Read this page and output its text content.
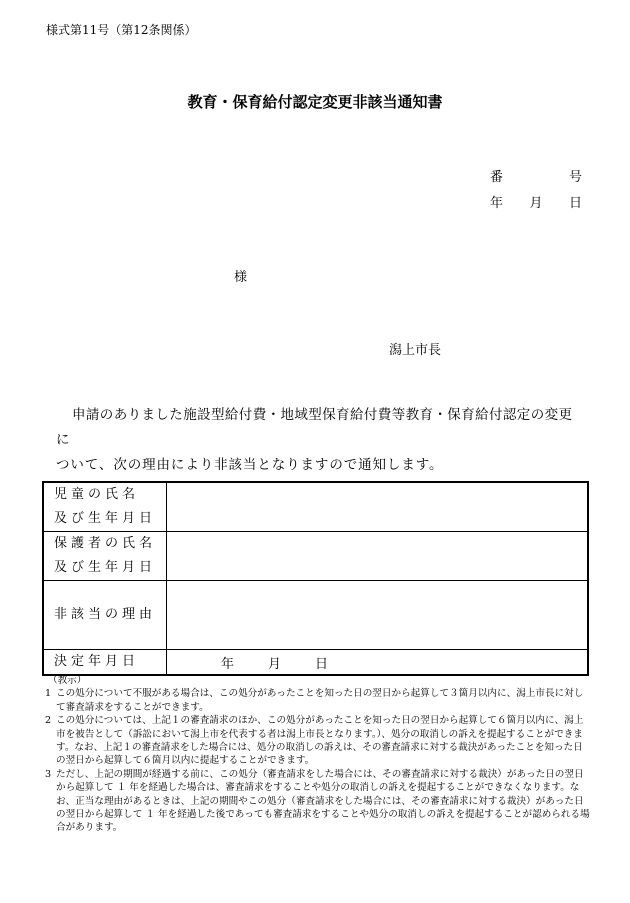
様式第11号（第12条関係）
教育・保育給付認定変更非該当通知書
番	号
年 月 日
様
潟上市長

申請のありました施設型給付費・地域型保育給付費等教育・保育給付認定の変更に

ついて、次の理由により非該当となりますので通知します。

児童の氏名
及び生年月日	

保護者の氏名
及び生年月日	

非該当の理由	

決定年月日	年 月 日
（教示）

1 この処分について不服がある場合は、この処分があったことを知った日の翌日から起算して３箇月以内に、潟上市長に対して審査請求をすることができます。

2 この処分については、上記１の審査請求のほか、この処分があったことを知った日の翌日から起算して６箇月以内に、潟上市を被告として（訴訟において潟上市を代表する者は潟上市長となります。）、処分の取消しの訴えを提起することができます。なお、上記１の審査請求をした場合には、処分の取消しの訴えは、その審査請求に対する裁決があったことを知った日の翌日から起算して６箇月以内に提起することができます。

3 ただし、上記の期間が経過する前に、この処分（審査請求をした場合には、その審査請求に対する裁決）があった日の翌日から起算して １ 年を経過した場合は、審査請求をすることや処分の取消しの訴えを提起することができなくなります。なお、正当な理由があるときは、上記の期間やこの処分（審査請求をした場合には、その審査請求に対する裁決）があった日の翌日から起算して １ 年を経過した後であっても審査請求をすることや処分の取消しの訴えを提起することが認められる場合があります。
